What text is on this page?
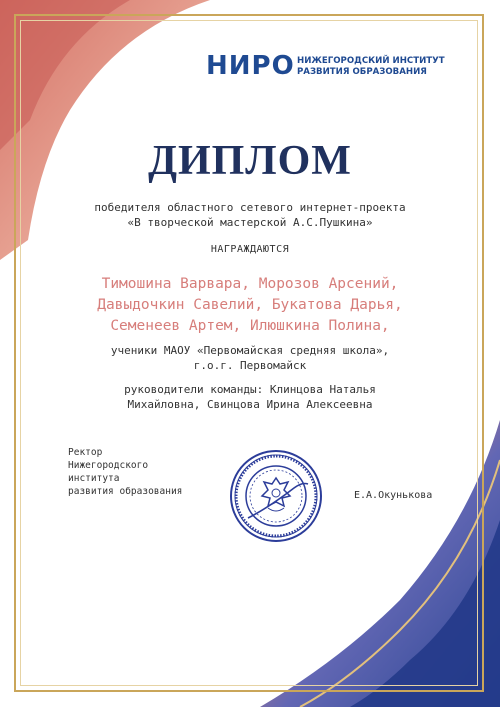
НИРО НИЖЕГОРОДСКИЙ ИНСТИТУТ
РАЗВИТИЯ ОБРАЗОВАНИЯ
ДИПЛОМ
победителя областного сетевого интернет-проекта
«В творческой мастерской А.С.Пушкина»
НАГРАЖДАЮТСЯ
Тимошина Варвара, Морозов Арсений,
Давыдочкин Савелий, Букатова Дарья,
Семенеев Артем, Илюшкина Полина,
ученики МАОУ «Первомайская средняя школа»,
г.о.г. Первомайск
руководители команды: Клинцова Наталья
Михайловна, Свинцова Ирина Алексеевна
Ректор
Нижегородского
института
развития образования	Е.А.Окунькова
